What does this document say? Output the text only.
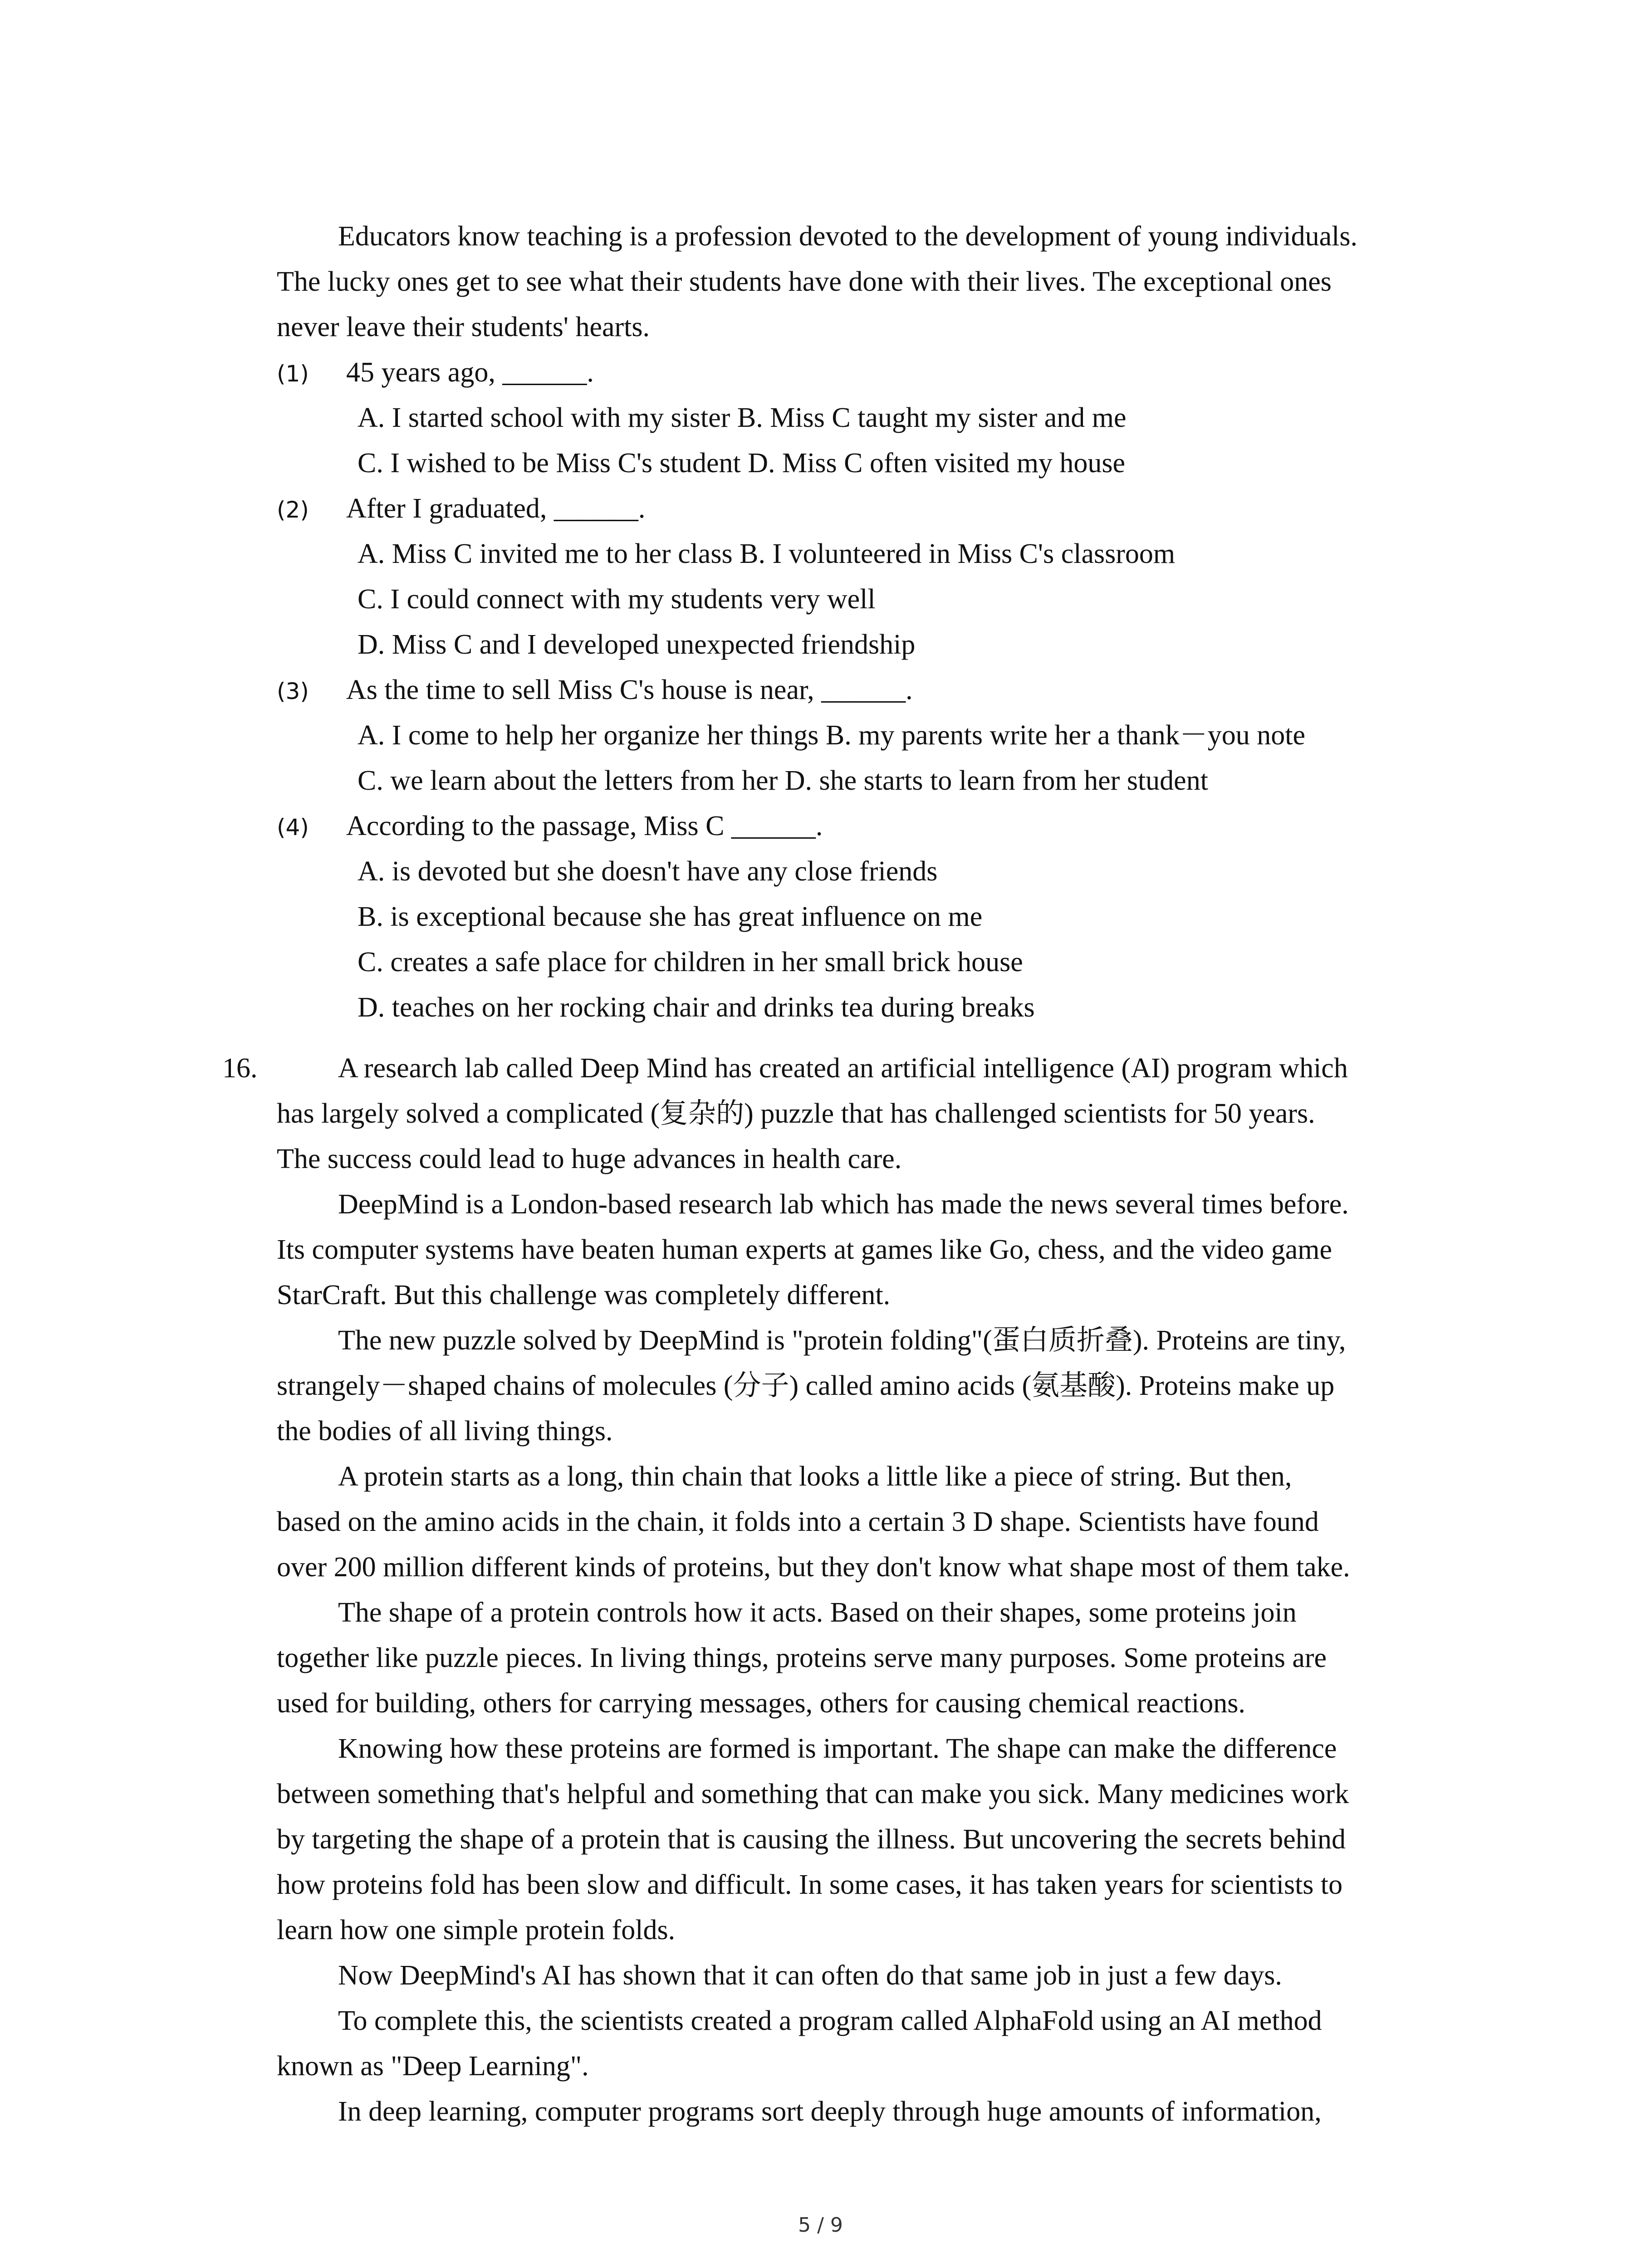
Educators know teaching is a profession devoted to the development of young individuals.
The lucky ones get to see what their students have done with their lives. The exceptional ones
never leave their students' hearts.
(1) 45 years ago, ______.
A. I started school with my sister B. Miss C taught my sister and me
C. I wished to be Miss C's student D. Miss C often visited my house
(2) After I graduated, ______.
A. Miss C invited me to her class B. I volunteered in Miss C's classroom
C. I could connect with my students very well
D. Miss C and I developed unexpected friendship
(3) As the time to sell Miss C's house is near, ______.
A. I come to help her organize her things B. my parents write her a thank－you note
C. we learn about the letters from her D. she starts to learn from her student
(4) According to the passage, Miss C ______.
A. is devoted but she doesn't have any close friends
B. is exceptional because she has great influence on me
C. creates a safe place for children in her small brick house
D. teaches on her rocking chair and drinks tea during breaks
16.	A research lab called Deep Mind has created an artificial intelligence (AI) program which
has largely solved a complicated (复杂的) puzzle that has challenged scientists for 50 years.
The success could lead to huge advances in health care.
DeepMind is a London-based research lab which has made the news several times before.
Its computer systems have beaten human experts at games like Go, chess, and the video game
StarCraft. But this challenge was completely different.
The new puzzle solved by DeepMind is "protein folding"(蛋白质折叠). Proteins are tiny,
strangely－shaped chains of molecules (分子) called amino acids (氨基酸). Proteins make up
the bodies of all living things.
A protein starts as a long, thin chain that looks a little like a piece of string. But then,
based on the amino acids in the chain, it folds into a certain 3 D shape. Scientists have found
over 200 million different kinds of proteins, but they don't know what shape most of them take.
The shape of a protein controls how it acts. Based on their shapes, some proteins join
together like puzzle pieces. In living things, proteins serve many purposes. Some proteins are
used for building, others for carrying messages, others for causing chemical reactions.
Knowing how these proteins are formed is important. The shape can make the difference
between something that's helpful and something that can make you sick. Many medicines work
by targeting the shape of a protein that is causing the illness. But uncovering the secrets behind
how proteins fold has been slow and difficult. In some cases, it has taken years for scientists to
learn how one simple protein folds.
Now DeepMind's AI has shown that it can often do that same job in just a few days.
To complete this, the scientists created a program called AlphaFold using an AI method
known as "Deep Learning".
In deep learning, computer programs sort deeply through huge amounts of information,
5 / 9
